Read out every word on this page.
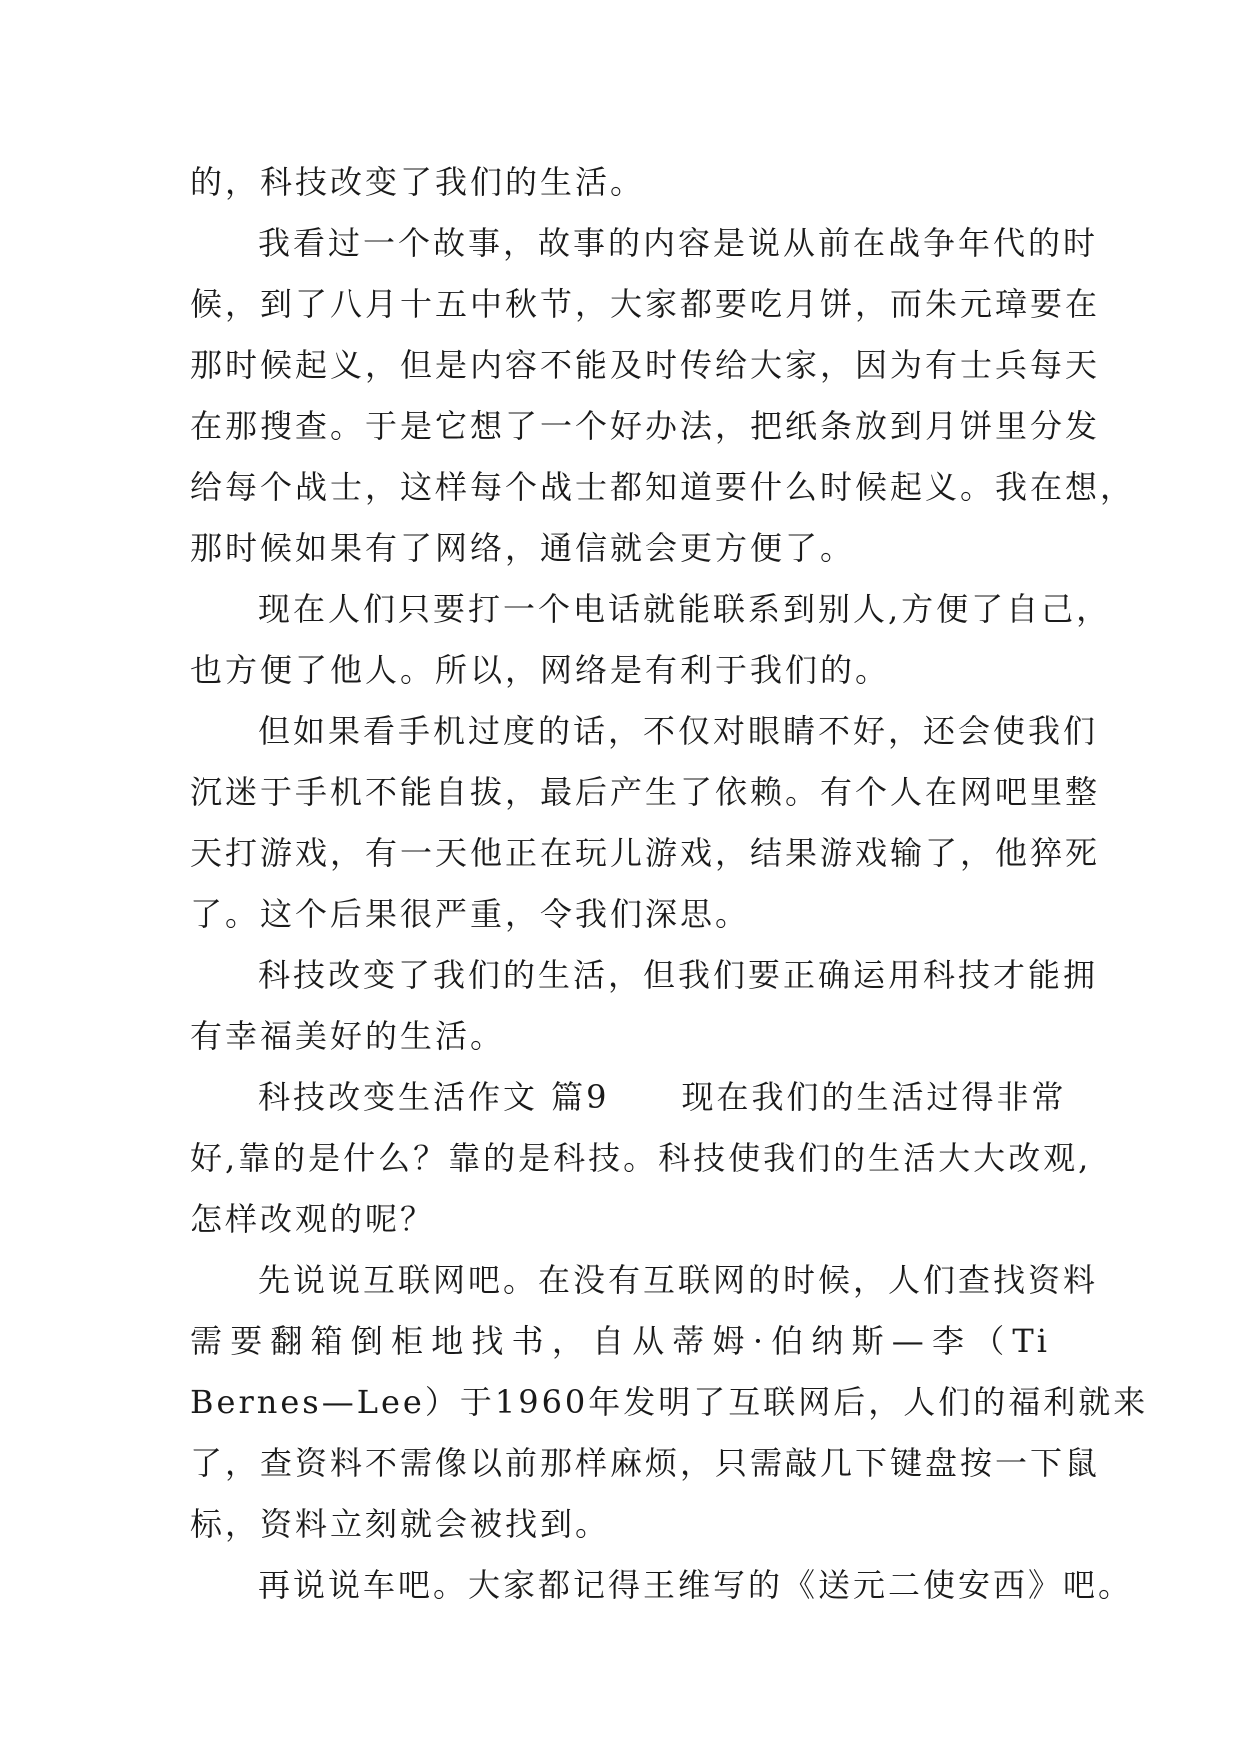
的，科技改变了我们的生活。
我看过一个故事，故事的内容是说从前在战争年代的时
候，到了八月十五中秋节，大家都要吃月饼，而朱元璋要在
那时候起义，但是内容不能及时传给大家，因为有士兵每天
在那搜查。于是它想了一个好办法，把纸条放到月饼里分发
给每个战士，这样每个战士都知道要什么时候起义。我在想，
那时候如果有了网络，通信就会更方便了。
现在人们只要打一个电话就能联系到别人,方便了自己，
也方便了他人。所以，网络是有利于我们的。
但如果看手机过度的话，不仅对眼睛不好，还会使我们
沉迷于手机不能自拔，最后产生了依赖。有个人在网吧里整
天打游戏，有一天他正在玩儿游戏，结果游戏输了，他猝死
了。这个后果很严重，令我们深思。
科技改变了我们的生活，但我们要正确运用科技才能拥
有幸福美好的生活。
科技改变生活作文 篇9 现在我们的生活过得非常
好,靠的是什么？靠的是科技。科技使我们的生活大大改观,
怎样改观的呢？
先说说互联网吧。在没有互联网的时候，人们查找资料
需要翻箱倒柜地找书，自从蒂姆·伯纳斯—李（Ti
Bernes—Lee）于1960年发明了互联网后，人们的福利就来
了，查资料不需像以前那样麻烦，只需敲几下键盘按一下鼠
标，资料立刻就会被找到。
再说说车吧。大家都记得王维写的《送元二使安西》吧。
